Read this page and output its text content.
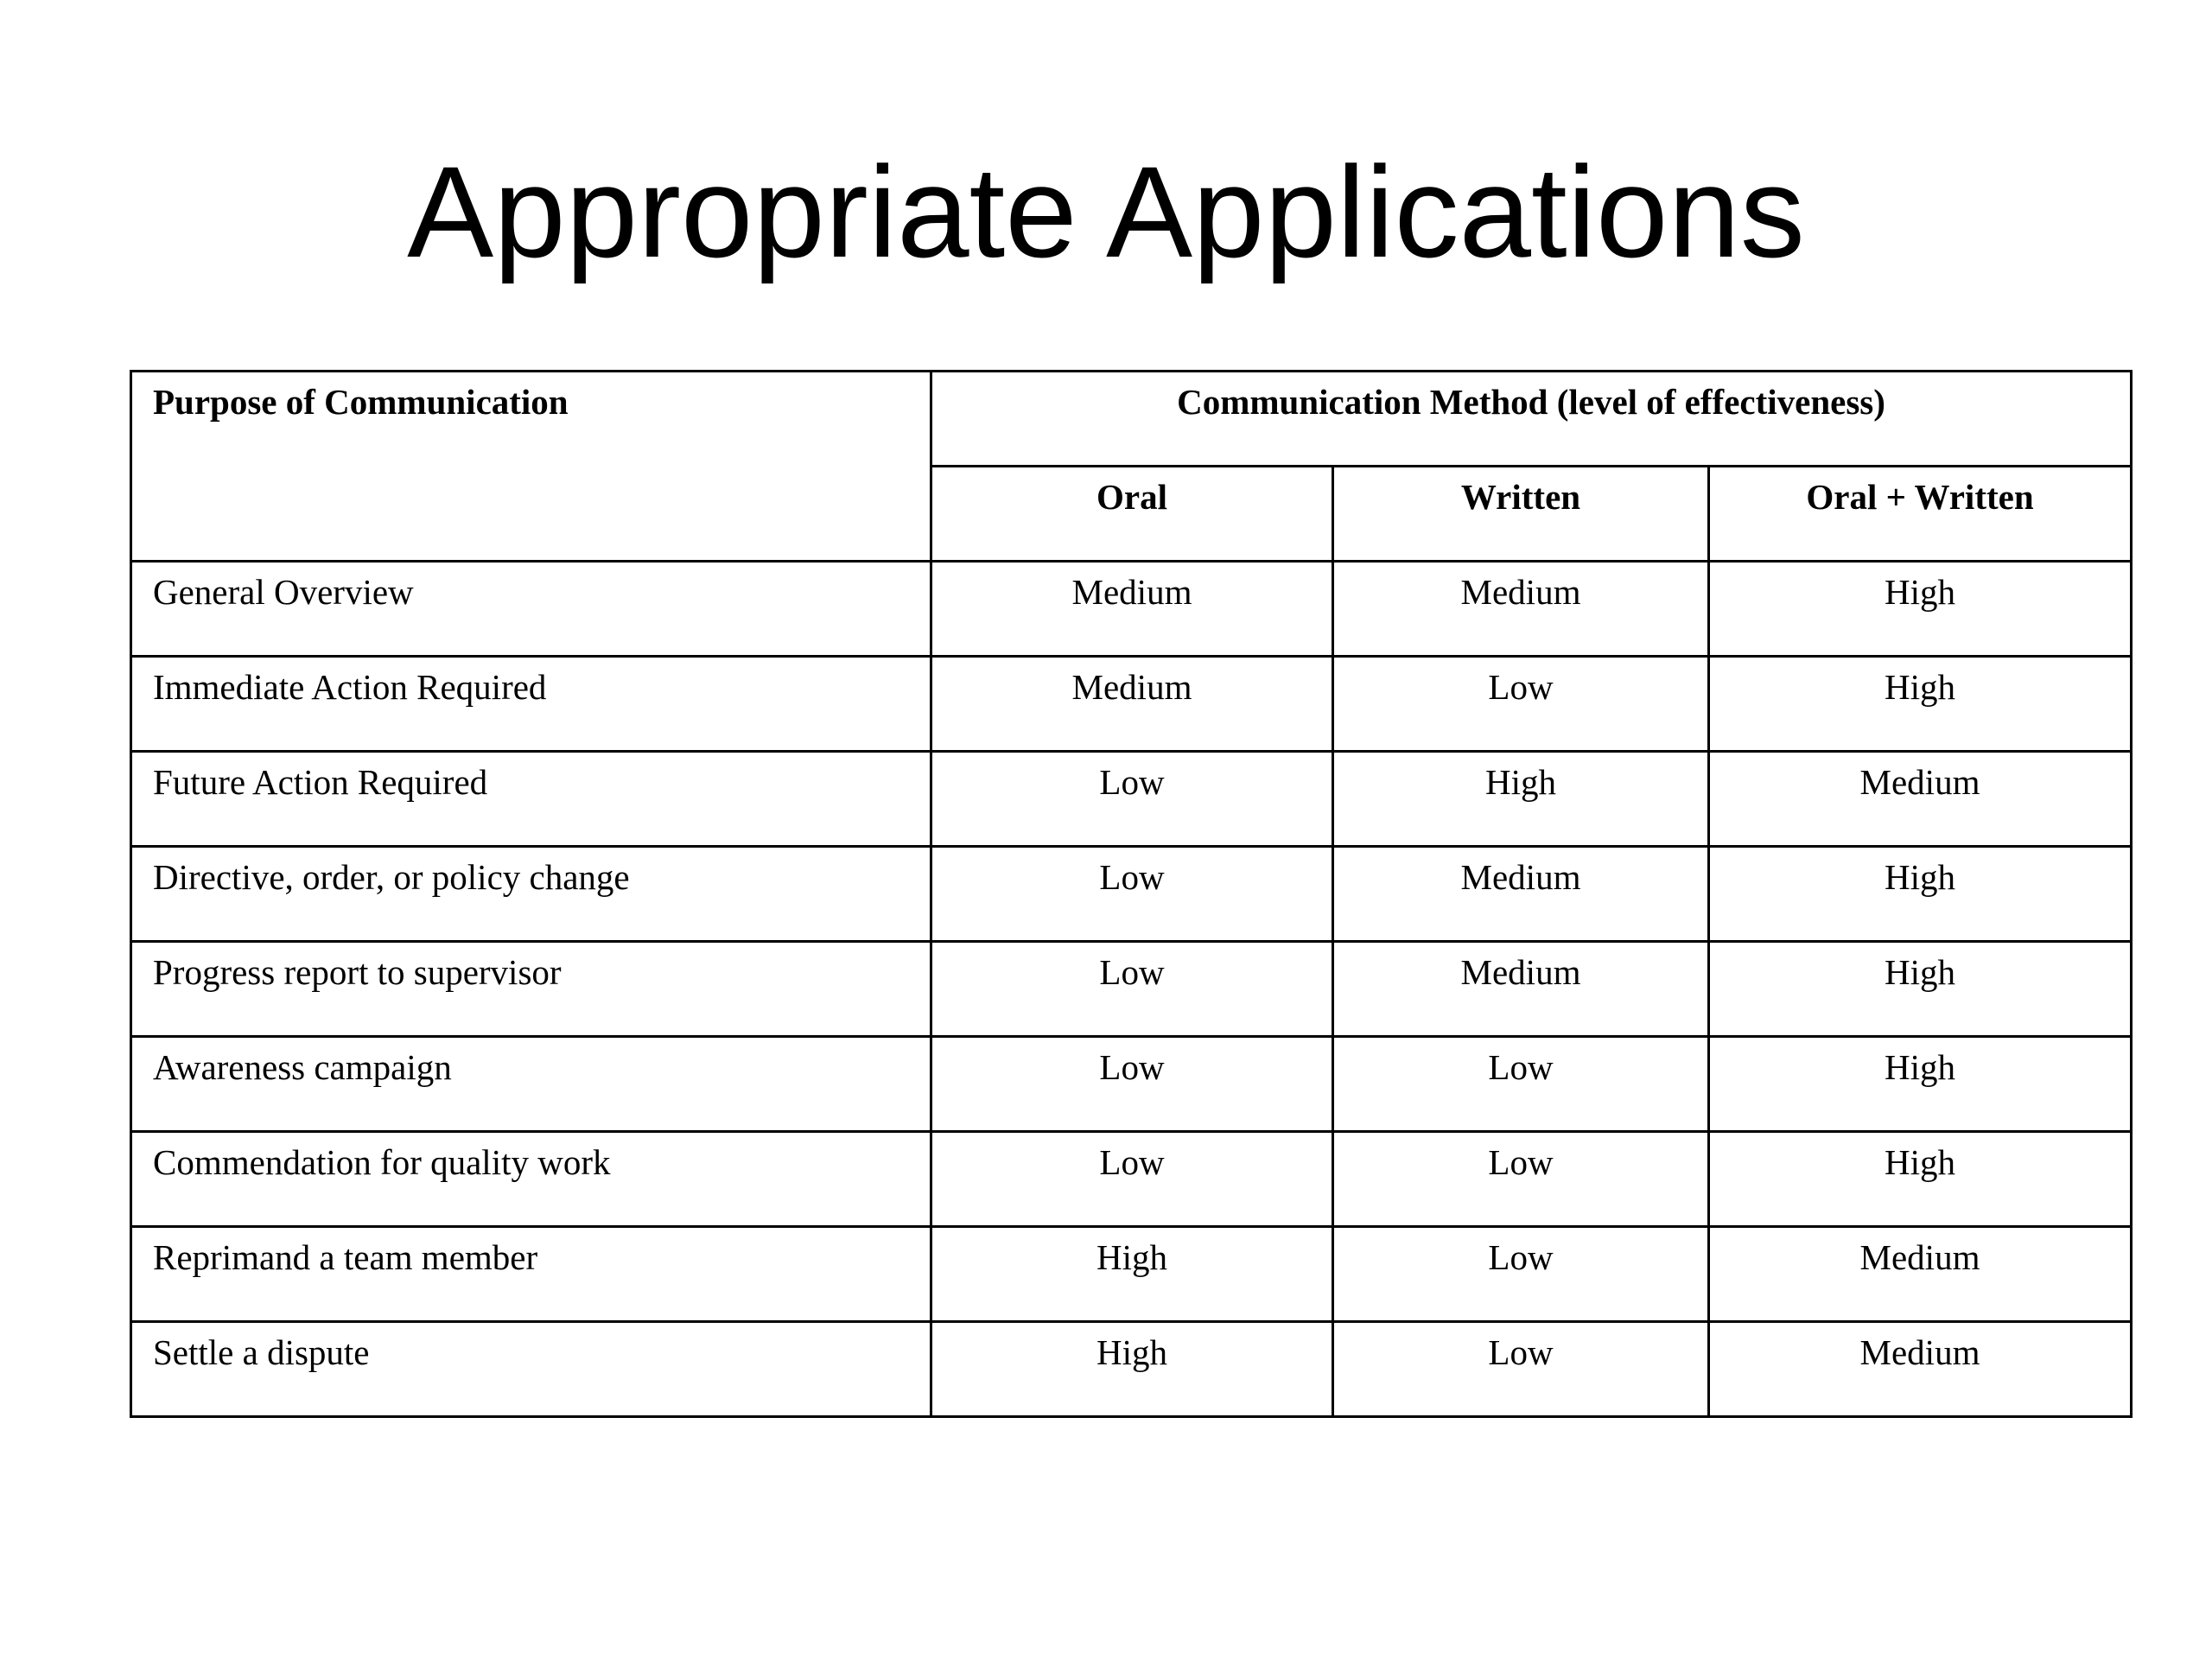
Appropriate Applications
Purpose of Communication	Communication Method (level of effectiveness)		
	Oral	Written	Oral + Written
General Overview	Medium	Medium	High
Immediate Action Required	Medium	Low	High
Future Action Required	Low	High	Medium
Directive, order, or policy change	Low	Medium	High
Progress report to supervisor	Low	Medium	High
Awareness campaign	Low	Low	High
Commendation for quality work	Low	Low	High
Reprimand a team member	High	Low	Medium
Settle a dispute	High	Low	Medium
